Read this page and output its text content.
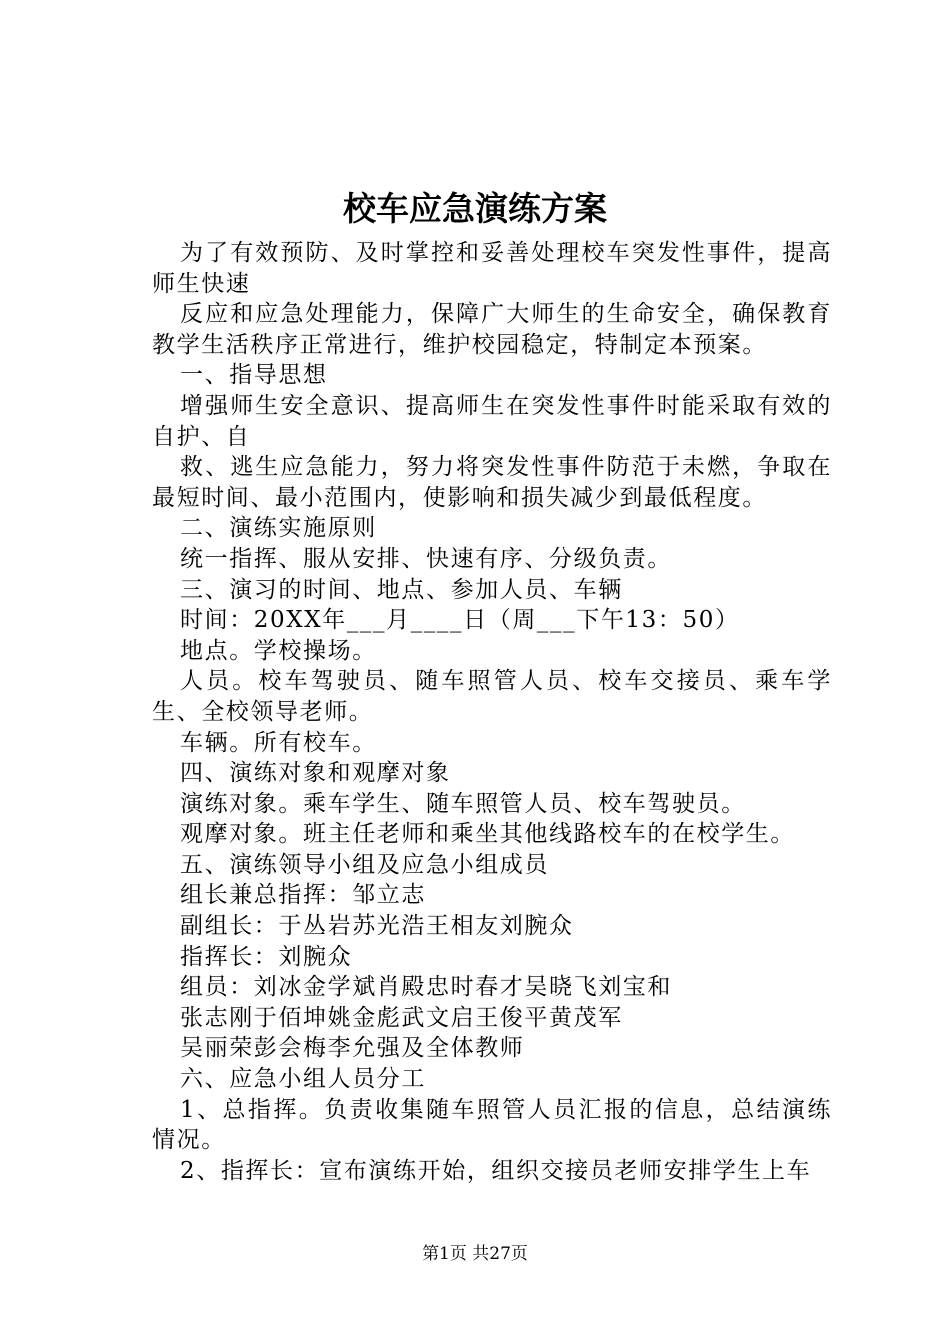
校车应急演练方案

为了有效预防、及时掌控和妥善处理校车突发性事件，提高师生快速

反应和应急处理能力，保障广大师生的生命安全，确保教育教学生活秩序正常进行，维护校园稳定，特制定本预案。

一、指导思想

增强师生安全意识、提高师生在突发性事件时能采取有效的自护、自

救、逃生应急能力，努力将突发性事件防范于未燃，争取在最短时间、最小范围内，使影响和损失减少到最低程度。

二、演练实施原则

统一指挥、服从安排、快速有序、分级负责。

三、演习的时间、地点、参加人员、车辆

时间：20XX年___月____日（周___下午13：50）

地点。学校操场。

人员。校车驾驶员、随车照管人员、校车交接员、乘车学生、全校领导老师。

车辆。所有校车。

四、演练对象和观摩对象

演练对象。乘车学生、随车照管人员、校车驾驶员。

观摩对象。班主任老师和乘坐其他线路校车的在校学生。

五、演练领导小组及应急小组成员

组长兼总指挥：邹立志

副组长：于丛岩苏光浩王相友刘腕众

指挥长：刘腕众

组员：刘冰金学斌肖殿忠时春才吴晓飞刘宝和

张志刚于佰坤姚金彪武文启王俊平黄茂军

吴丽荣彭会梅李允强及全体教师

六、应急小组人员分工

1、总指挥。负责收集随车照管人员汇报的信息，总结演练情况。

2、指挥长：宣布演练开始，组织交接员老师安排学生上车

第1页 共27页
